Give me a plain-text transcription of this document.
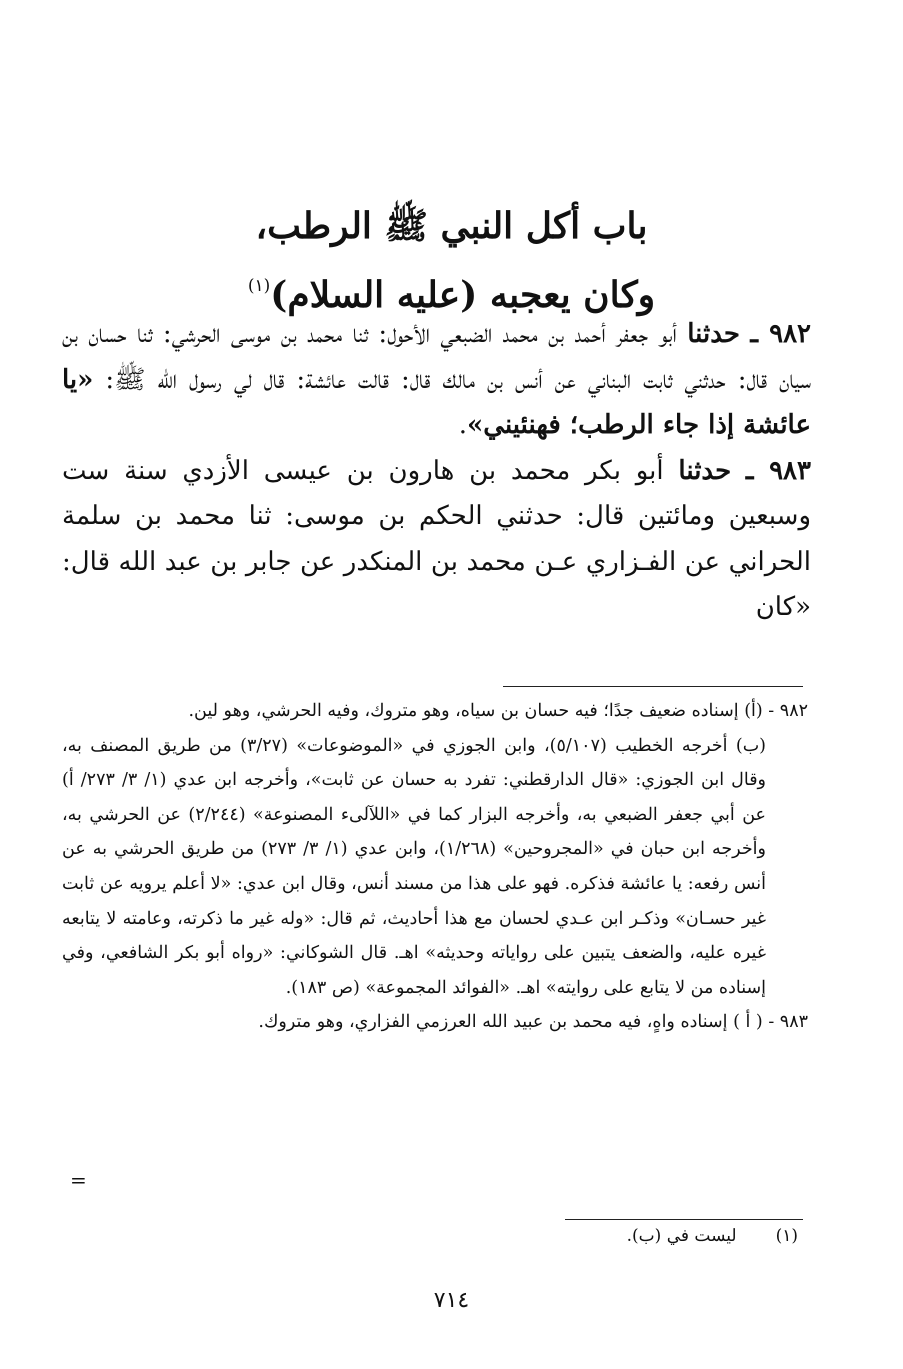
باب أكل النبي ﷺ الرطب،
وكان يعجبه (عليه السلام)$^{(١)}$

٩٨٢ ـ حدثنا أبو جعفر أحمد بن محمد الضبعي الأحول: ثنا محمد بن موسى الحرشي: ثنا حسان بن سيان قال: حدثني ثابت البناني عن أنس بن مالك قال: قالت عائشة: قال لي رسول الله ﷺ: «يا عائشة إذا جاء الرطب؛ فهنئيني».

٩٨٣ ـ حدثنا أبو بكر محمد بن هارون بن عيسى الأزدي سنة ست وسبعين ومائتين قال: حدثني الحكم بن موسى: ثنا محمد بن سلمة الحراني عن الفـزاري عـن محمد بن المنكدر عن جابر بن عبد الله قال: «كان

٩٨٢ - (أ) إسناده ضعيف جدًا؛ فيه حسان بن سياه، وهو متروك، وفيه الحرشي، وهو لين.

(ب) أخرجه الخطيب (٥/١٠٧)، وابن الجوزي في «الموضوعات» (٣/٢٧) من طريق المصنف به، وقال ابن الجوزي: «قال الدارقطني: تفرد به حسان عن ثابت»، وأخرجه ابن عدي (١/ ٣/ ٢٧٣/ أ) عن أبي جعفر الضبعي به، وأخرجه البزار كما في «اللآلىء المصنوعة» (٢/٢٤٤) عن الحرشي به، وأخرجه ابن حبان في «المجروحين» (١/٢٦٨)، وابن عدي (١/ ٣/ ٢٧٣) من طريق الحرشي به عن أنس رفعه: يا عائشة فذكره. فهو على هذا من مسند أنس، وقال ابن عدي: «لا أعلم يرويه عن ثابت غير حسـان» وذكـر ابن عـدي لحسان مع هذا أحاديث، ثم قال: «وله غير ما ذكرته، وعامته لا يتابعه غيره عليه، والضعف يتبين على رواياته وحديثه» اهـ. قال الشوكاني: «رواه أبو بكر الشافعي، وفي إسناده من لا يتابع على روايته» اهـ. «الفوائد المجموعة» (ص ١٨٣).

٩٨٣ - ( أ ) إسناده واهٍ، فيه محمد بن عبيد الله العرزمي الفزاري، وهو متروك.

=
(١) ليست في (ب).
٧١٤
